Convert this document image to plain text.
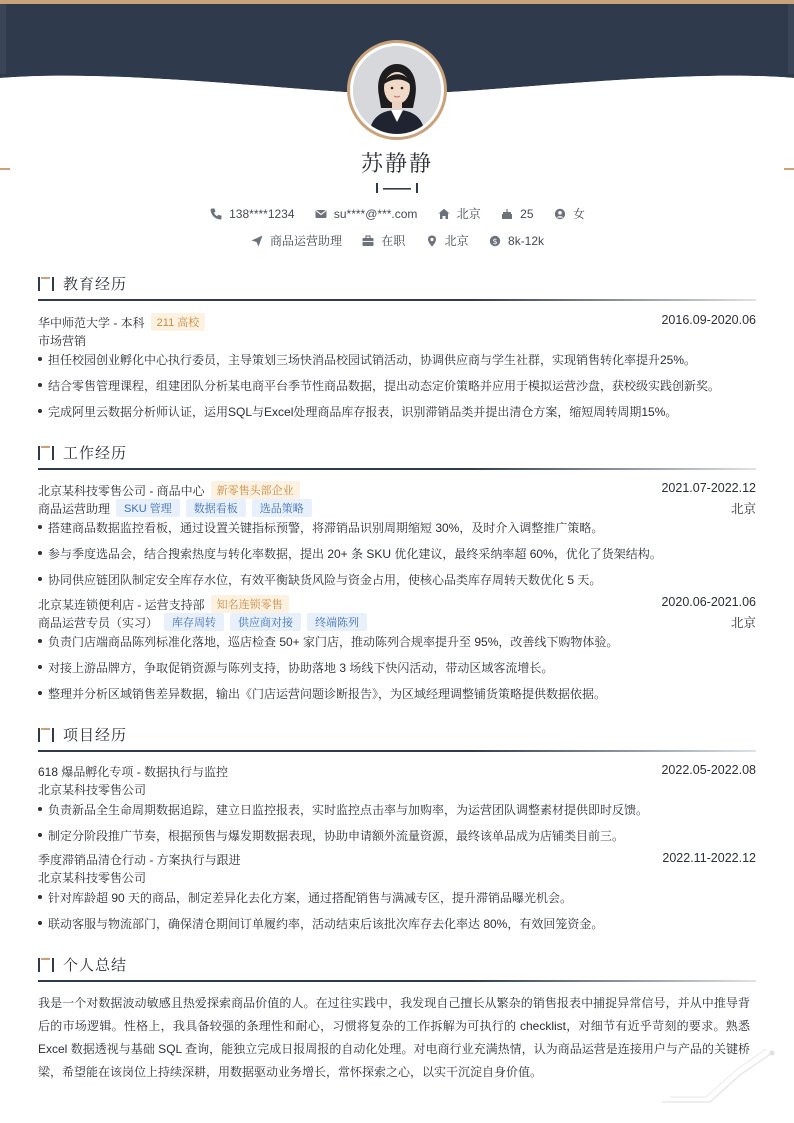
苏静静
138****1234
	su****@***.com
	北京
	25
	女
商品运营助理
	在职
	北京
	$ 8k-12k
教育经历
华中师范大学 - 本科	211 高校	2016.09-2020.06
市场营销
担任校园创业孵化中心执行委员，主导策划三场快消品校园试销活动，协调供应商与学生社群，实现销售转化率提升25%。
结合零售管理课程，组建团队分析某电商平台季节性商品数据，提出动态定价策略并应用于模拟运营沙盘，获校级实践创新奖。
完成阿里云数据分析师认证，运用SQL与Excel处理商品库存报表，识别滞销品类并提出清仓方案，缩短周转周期15%。
工作经历
北京某科技零售公司 - 商品中心	新零售头部企业	2021.07-2022.12
商品运营助理	SKU 管理	数据看板	选品策略	北京
搭建商品数据监控看板，通过设置关键指标预警，将滞销品识别周期缩短 30%，及时介入调整推广策略。
参与季度选品会，结合搜索热度与转化率数据，提出 20+ 条 SKU 优化建议，最终采纳率超 60%，优化了货架结构。
协同供应链团队制定安全库存水位，有效平衡缺货风险与资金占用，使核心品类库存周转天数优化 5 天。
北京某连锁便利店 - 运营支持部	知名连锁零售	2020.06-2021.06
商品运营专员（实习）	库存周转	供应商对接	终端陈列	北京
负责门店端商品陈列标准化落地，巡店检查 50+ 家门店，推动陈列合规率提升至 95%，改善线下购物体验。
对接上游品牌方，争取促销资源与陈列支持，协助落地 3 场线下快闪活动，带动区域客流增长。
整理并分析区域销售差异数据，输出《门店运营问题诊断报告》，为区域经理调整铺货策略提供数据依据。
项目经历
618 爆品孵化专项 - 数据执行与监控	2022.05-2022.08
北京某科技零售公司
负责新品全生命周期数据追踪，建立日监控报表，实时监控点击率与加购率，为运营团队调整素材提供即时反馈。
制定分阶段推广节奏，根据预售与爆发期数据表现，协助申请额外流量资源，最终该单品成为店铺类目前三。
季度滞销品清仓行动 - 方案执行与跟进	2022.11-2022.12
北京某科技零售公司
针对库龄超 90 天的商品，制定差异化去化方案，通过搭配销售与满减专区，提升滞销品曝光机会。
联动客服与物流部门，确保清仓期间订单履约率，活动结束后该批次库存去化率达 80%，有效回笼资金。
个人总结
我是一个对数据波动敏感且热爱探索商品价值的人。在过往实践中，我发现自己擅长从繁杂的销售报表中捕捉异常信号，并从中推导背后的市场逻辑。性格上，我具备较强的条理性和耐心，习惯将复杂的工作拆解为可执行的 checklist，对细节有近乎苛刻的要求。熟悉 Excel 数据透视与基础 SQL 查询，能独立完成日报周报的自动化处理。对电商行业充满热情，认为商品运营是连接用户与产品的关键桥梁，希望能在该岗位上持续深耕，用数据驱动业务增长，常怀探索之心，以实干沉淀自身价值。
